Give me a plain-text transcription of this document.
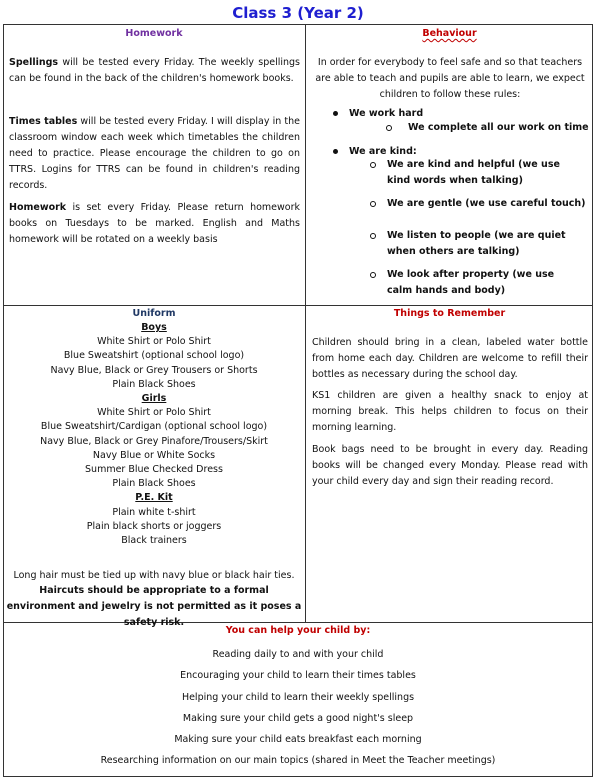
Class 3 (Year 2)
Homework
Spellings will be tested every Friday. The weekly spellings can be found in the back of the children's homework books.
Times tables will be tested every Friday. I will display in the classroom window each week which timetables the children need to practice. Please encourage the children to go on TTRS. Logins for TTRS can be found in children's reading records.
Homework is set every Friday. Please return homework books on Tuesdays to be marked. English and Maths homework will be rotated on a weekly basis
Behaviour
In order for everybody to feel safe and so that teachers are able to teach and pupils are able to learn, we expect children to follow these rules:
We work hard
We complete all our work on time
We are kind:
We are kind and helpful (we use kind words when talking)
We are gentle (we use careful touch)
We listen to people (we are quiet when others are talking)
We look after property (we use calm hands and body)
Uniform
Boys
White Shirt or Polo Shirt
Blue Sweatshirt (optional school logo)
Navy Blue, Black or Grey Trousers or Shorts
Plain Black Shoes
Girls
White Shirt or Polo Shirt
Blue Sweatshirt/Cardigan (optional school logo)
Navy Blue, Black or Grey Pinafore/Trousers/Skirt
Navy Blue or White Socks
Summer Blue Checked Dress
Plain Black Shoes
P.E. Kit
Plain white t-shirt
Plain black shorts or joggers
Black trainers
Long hair must be tied up with navy blue or black hair ties.
Haircuts should be appropriate to a formal environment and jewelry is not permitted as it poses a safety risk.
Things to Remember
Children should bring in a clean, labeled water bottle from home each day. Children are welcome to refill their bottles as necessary during the school day.
KS1 children are given a healthy snack to enjoy at morning break. This helps children to focus on their morning learning.
Book bags need to be brought in every day. Reading books will be changed every Monday. Please read with your child every day and sign their reading record.
You can help your child by:
Reading daily to and with your child
Encouraging your child to learn their times tables
Helping your child to learn their weekly spellings
Making sure your child gets a good night's sleep
Making sure your child eats breakfast each morning
Researching information on our main topics (shared in Meet the Teacher meetings)
